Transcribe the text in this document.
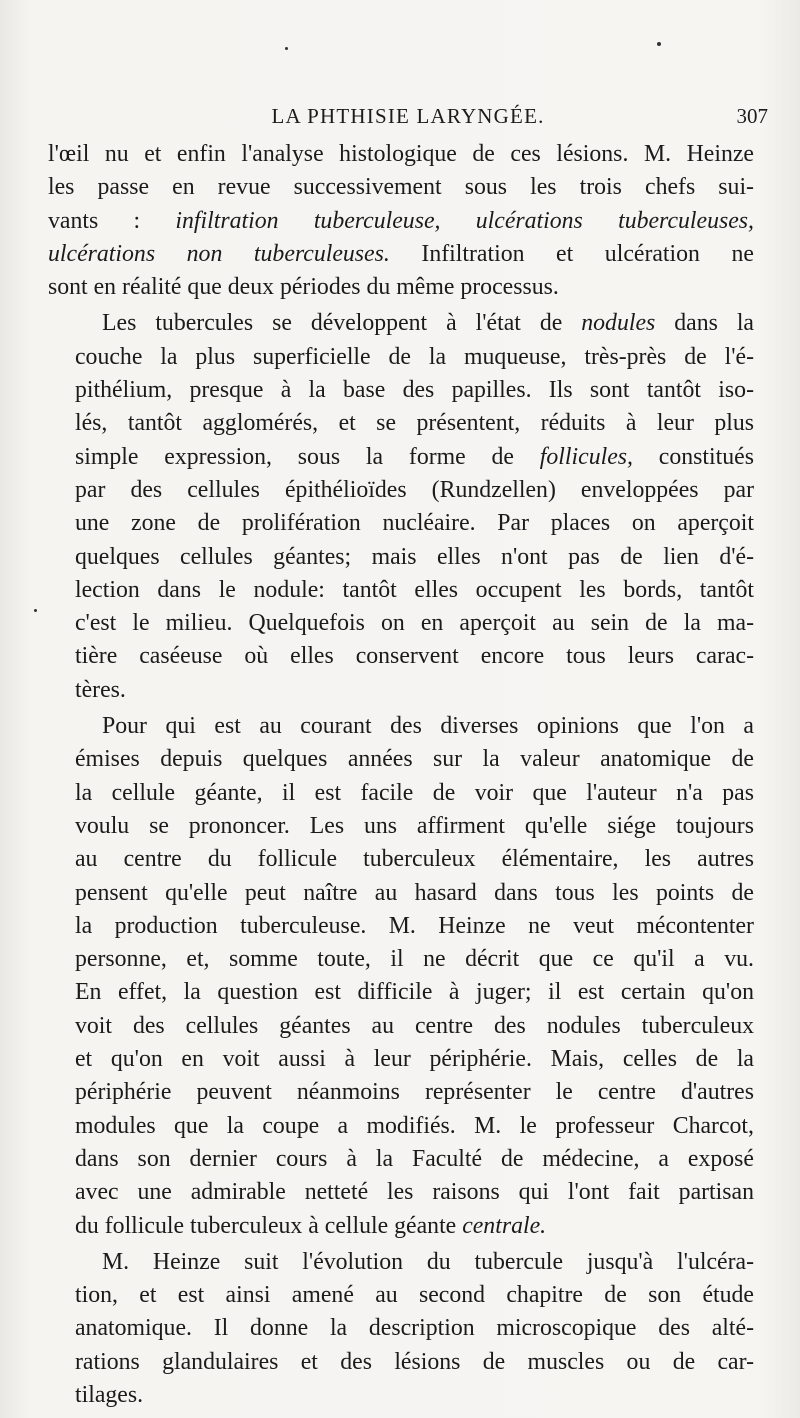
LA PHTHISIE LARYNGÉE.	307

l'œil nu et enfin l'analyse histologique de ces lésions. M. Heinze
les passe en revue successivement sous les trois chefs sui-
vants : infiltration tuberculeuse, ulcérations tuberculeuses,
ulcérations non tuberculeuses. Infiltration et ulcération ne
sont en réalité que deux périodes du même processus.

Les tubercules se développent à l'état de nodules dans la
couche la plus superficielle de la muqueuse, très-près de l'é-
pithélium, presque à la base des papilles. Ils sont tantôt iso-
lés, tantôt agglomérés, et se présentent, réduits à leur plus
simple expression, sous la forme de follicules, constitués
par des cellules épithélioïdes (Rundzellen) enveloppées par
une zone de prolifération nucléaire. Par places on aperçoit
quelques cellules géantes; mais elles n'ont pas de lien d'é-
lection dans le nodule: tantôt elles occupent les bords, tantôt
c'est le milieu. Quelquefois on en aperçoit au sein de la ma-
tière caséeuse où elles conservent encore tous leurs carac-
tères.

Pour qui est au courant des diverses opinions que l'on a
émises depuis quelques années sur la valeur anatomique de
la cellule géante, il est facile de voir que l'auteur n'a pas
voulu se prononcer. Les uns affirment qu'elle siége toujours
au centre du follicule tuberculeux élémentaire, les autres
pensent qu'elle peut naître au hasard dans tous les points de
la production tuberculeuse. M. Heinze ne veut mécontenter
personne, et, somme toute, il ne décrit que ce qu'il a vu.
En effet, la question est difficile à juger; il est certain qu'on
voit des cellules géantes au centre des nodules tuberculeux
et qu'on en voit aussi à leur périphérie. Mais, celles de la
périphérie peuvent néanmoins représenter le centre d'autres
modules que la coupe a modifiés. M. le professeur Charcot,
dans son dernier cours à la Faculté de médecine, a exposé
avec une admirable netteté les raisons qui l'ont fait partisan
du follicule tuberculeux à cellule géante centrale.

M. Heinze suit l'évolution du tubercule jusqu'à l'ulcéra-
tion, et est ainsi amené au second chapitre de son étude
anatomique. Il donne la description microscopique des alté-
rations glandulaires et des lésions de muscles ou de car-
tilages.
